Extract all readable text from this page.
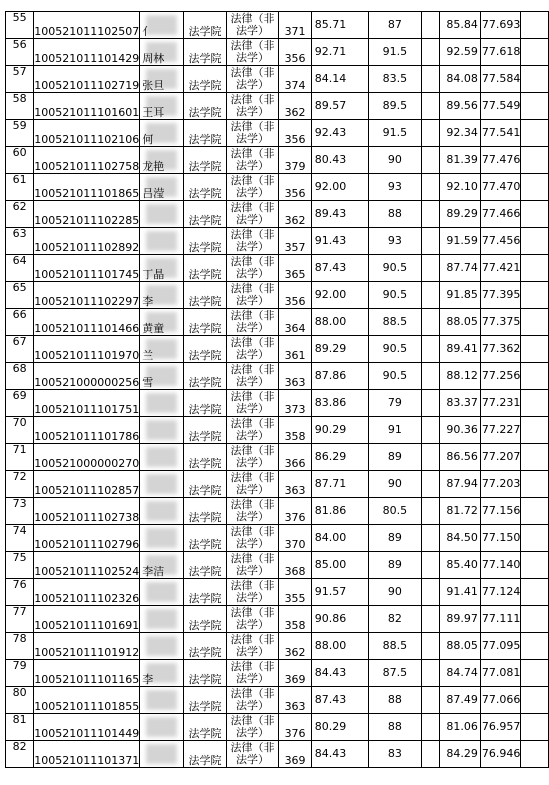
55	100521011102507	亻	法学院	法律（非
法学）	371	85.71	87		85.84	77.693	
56	100521011101429	周林	法学院	法律（非
法学）	356	92.71	91.5		92.59	77.618	
57	100521011102719	张旦	法学院	法律（非
法学）	374	84.14	83.5		84.08	77.584	
58	100521011101601	王耳	法学院	法律（非
法学）	362	89.57	89.5		89.56	77.549	
59	100521011102106	何	法学院	法律（非
法学）	356	92.43	91.5		92.34	77.541	
60	100521011102758	龙艳	法学院	法律（非
法学）	379	80.43	90		81.39	77.476	
61	100521011101865	吕滢	法学院	法律（非
法学）	356	92.00	93		92.10	77.470	
62	100521011102285		法学院	法律（非
法学）	362	89.43	88		89.29	77.466	
63	100521011102892		法学院	法律（非
法学）	357	91.43	93		91.59	77.456	
64	100521011101745	丁晶	法学院	法律（非
法学）	365	87.43	90.5		87.74	77.421	
65	100521011102297	李	法学院	法律（非
法学）	356	92.00	90.5		91.85	77.395	
66	100521011101466	黄童	法学院	法律（非
法学）	364	88.00	88.5		88.05	77.375	
67	100521011101970	兰	法学院	法律（非
法学）	361	89.29	90.5		89.41	77.362	
68	100521000000256	雪	法学院	法律（非
法学）	363	87.86	90.5		88.12	77.256	
69	100521011101751		法学院	法律（非
法学）	373	83.86	79		83.37	77.231	
70	100521011101786		法学院	法律（非
法学）	358	90.29	91		90.36	77.227	
71	100521000000270		法学院	法律（非
法学）	366	86.29	89		86.56	77.207	
72	100521011102857		法学院	法律（非
法学）	363	87.71	90		87.94	77.203	
73	100521011102738		法学院	法律（非
法学）	376	81.86	80.5		81.72	77.156	
74	100521011102796		法学院	法律（非
法学）	370	84.00	89		84.50	77.150	
75	100521011102524	李洁	法学院	法律（非
法学）	368	85.00	89		85.40	77.140	
76	100521011102326		法学院	法律（非
法学）	355	91.57	90		91.41	77.124	
77	100521011101691		法学院	法律（非
法学）	358	90.86	82		89.97	77.111	
78	100521011101912		法学院	法律（非
法学）	362	88.00	88.5		88.05	77.095	
79	100521011101165	李	法学院	法律（非
法学）	369	84.43	87.5		84.74	77.081	
80	100521011101855		法学院	法律（非
法学）	363	87.43	88		87.49	77.066	
81	100521011101449		法学院	法律（非
法学）	376	80.29	88		81.06	76.957	
82	100521011101371		法学院	法律（非
法学）	369	84.43	83		84.29	76.946	
